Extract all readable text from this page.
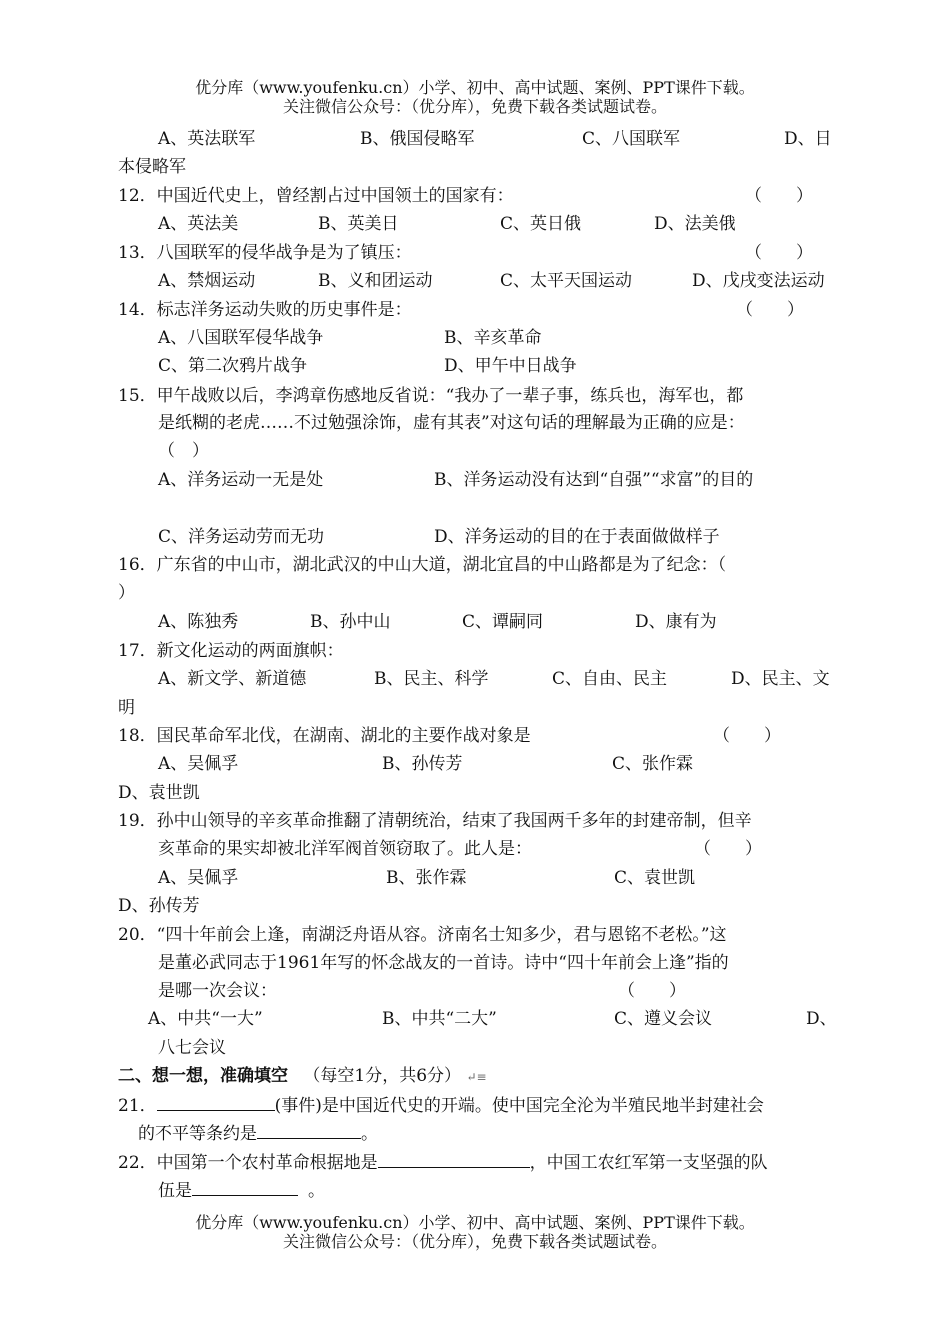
优分库（www.youfenku.cn）小学、初中、高中试题、案例、PPT课件下载。
关注微信公众号：（优分库），免费下载各类试题试卷。
A、英法联军	B、俄国侵略军	C、八国联军	D、日
本侵略军
12．中国近代史上，曾经割占过中国领土的国家有：	（　　）
A、英法美	B、英美日	C、英日俄	D、法美俄
13．八国联军的侵华战争是为了镇压：	（　　）
A、禁烟运动	B、义和团运动	C、太平天国运动	D、戊戌变法运动
14．标志洋务运动失败的历史事件是：	（　　）
A、八国联军侵华战争	B、辛亥革命
C、第二次鸦片战争	D、甲午中日战争
15．甲午战败以后，李鸿章伤感地反省说：“我办了一辈子事，练兵也，海军也，都
是纸糊的老虎……不过勉强涂饰，虚有其表”对这句话的理解最为正确的应是：
（　）
A、洋务运动一无是处	B、洋务运动没有达到“自强”“求富”的目的
C、洋务运动劳而无功	D、洋务运动的目的在于表面做做样子
16．广东省的中山市，湖北武汉的中山大道，湖北宜昌的中山路都是为了纪念：（
）
A、陈独秀	B、孙中山	C、谭嗣同	D、康有为
17．新文化运动的两面旗帜：
A、新文学、新道德	B、民主、科学	C、自由、民主	D、民主、文
明
18．国民革命军北伐，在湖南、湖北的主要作战对象是	（　　）
A、吴佩孚	B、孙传芳	C、张作霖
D、袁世凯
19．孙中山领导的辛亥革命推翻了清朝统治，结束了我国两千多年的封建帝制，但辛
亥革命的果实却被北洋军阀首领窃取了。此人是：	（　　）
A、吴佩孚	B、张作霖	C、袁世凯
D、孙传芳
20．“四十年前会上逢，南湖泛舟语从容。济南名士知多少，君与恩铭不老松。”这
是董必武同志于1961年写的怀念战友的一首诗。诗中“四十年前会上逢”指的
是哪一次会议：	（　　）
A、中共“一大”	B、中共“二大”	C、遵义会议	D、
八七会议
二、想一想，准确填空 （每空1分，共6分） ↵≡
21．	(事件)是中国近代史的开端。使中国完全沦为半殖民地半封建社会
的不平等条约是	。
22．中国第一个农村革命根据地是	，中国工农红军第一支坚强的队
伍是	。
优分库（www.youfenku.cn）小学、初中、高中试题、案例、PPT课件下载。
关注微信公众号：（优分库），免费下载各类试题试卷。
